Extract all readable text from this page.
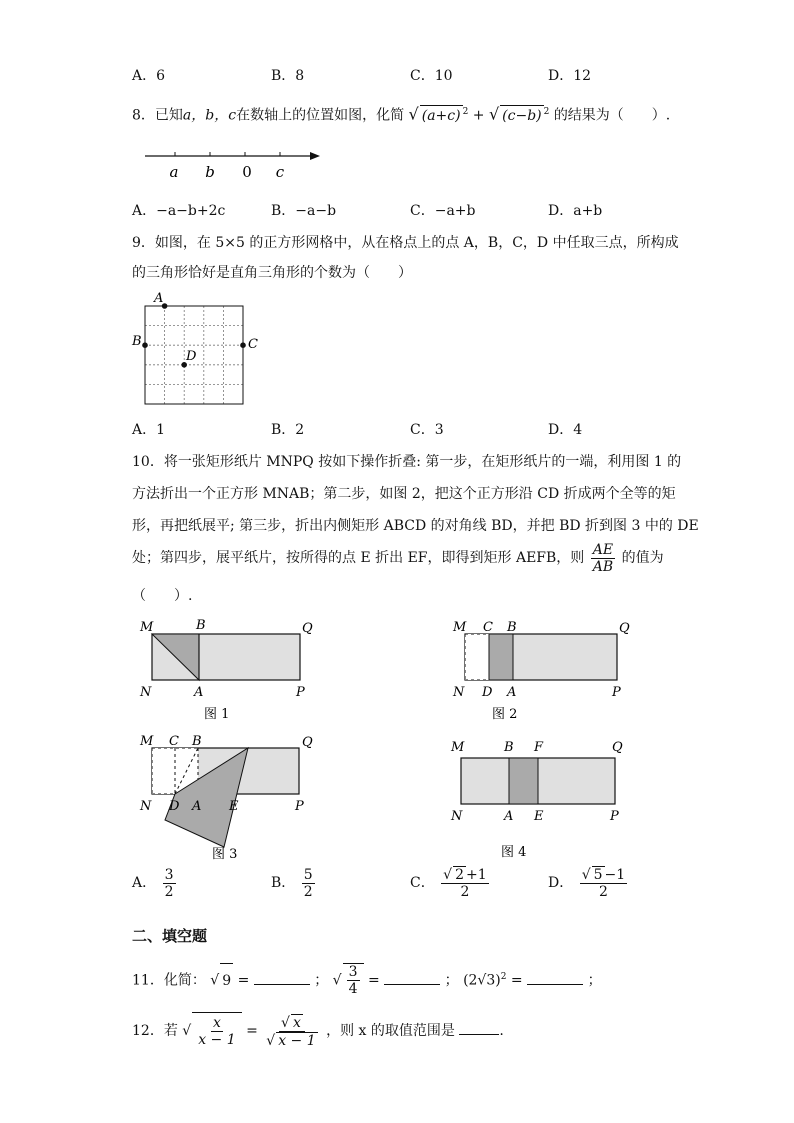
A．6	B．8	C．10	D．12
8．已知a，b，c在数轴上的位置如图，化简 √ (a+c) $^2$ + √ (c−b) $^2$ 的结果为（　　）.
a b 0 c
A．−a−b+2c	B．−a−b	C．−a+b	D．a+b
9．如图，在 5×5 的正方形网格中，从在格点上的点 A，B，C，D 中任取三点，所构成
的三角形恰好是直角三角形的个数为（　　）
A
B	C
D
A．1	B．2	C．3	D．4
10．将一张矩形纸片 MNPQ 按如下操作折叠: 第一步，在矩形纸片的一端，利用图 1 的
方法折出一个正方形 MNAB；第二步，如图 2，把这个正方形沿 CD 折成两个全等的矩
形，再把纸展平; 第三步，折出内侧矩形 ABCD 的对角线 BD，并把 BD 折到图 3 中的 DE
处；第四步，展平纸片，按所得的点 E 折出 EF，即得到矩形 AEFB，则 $\frac{AE}{AB}$ 的值为
（　　）.
M	B	Q
N	A	P
图 1
M C B	Q
N D A	P
图 2
M C B	Q
N D A E	P
图 3
M	B F	Q
N	A E	P
图 4
A． $\frac{3}{2}$	B． $\frac{5}{2}$	C． $\frac{√ 2 +1}{2}$	D． $\frac{√ 5 -1}{2}$
二、填空题
11．化简： √ 9 =	； √ $\frac{3}{4}$ =	； $(2√3)^2$ =	；
12．若 √ $\frac{x}{x - 1} = \frac{√ x}{√ x - 1}$ ，则 x 的取值范围是	.
